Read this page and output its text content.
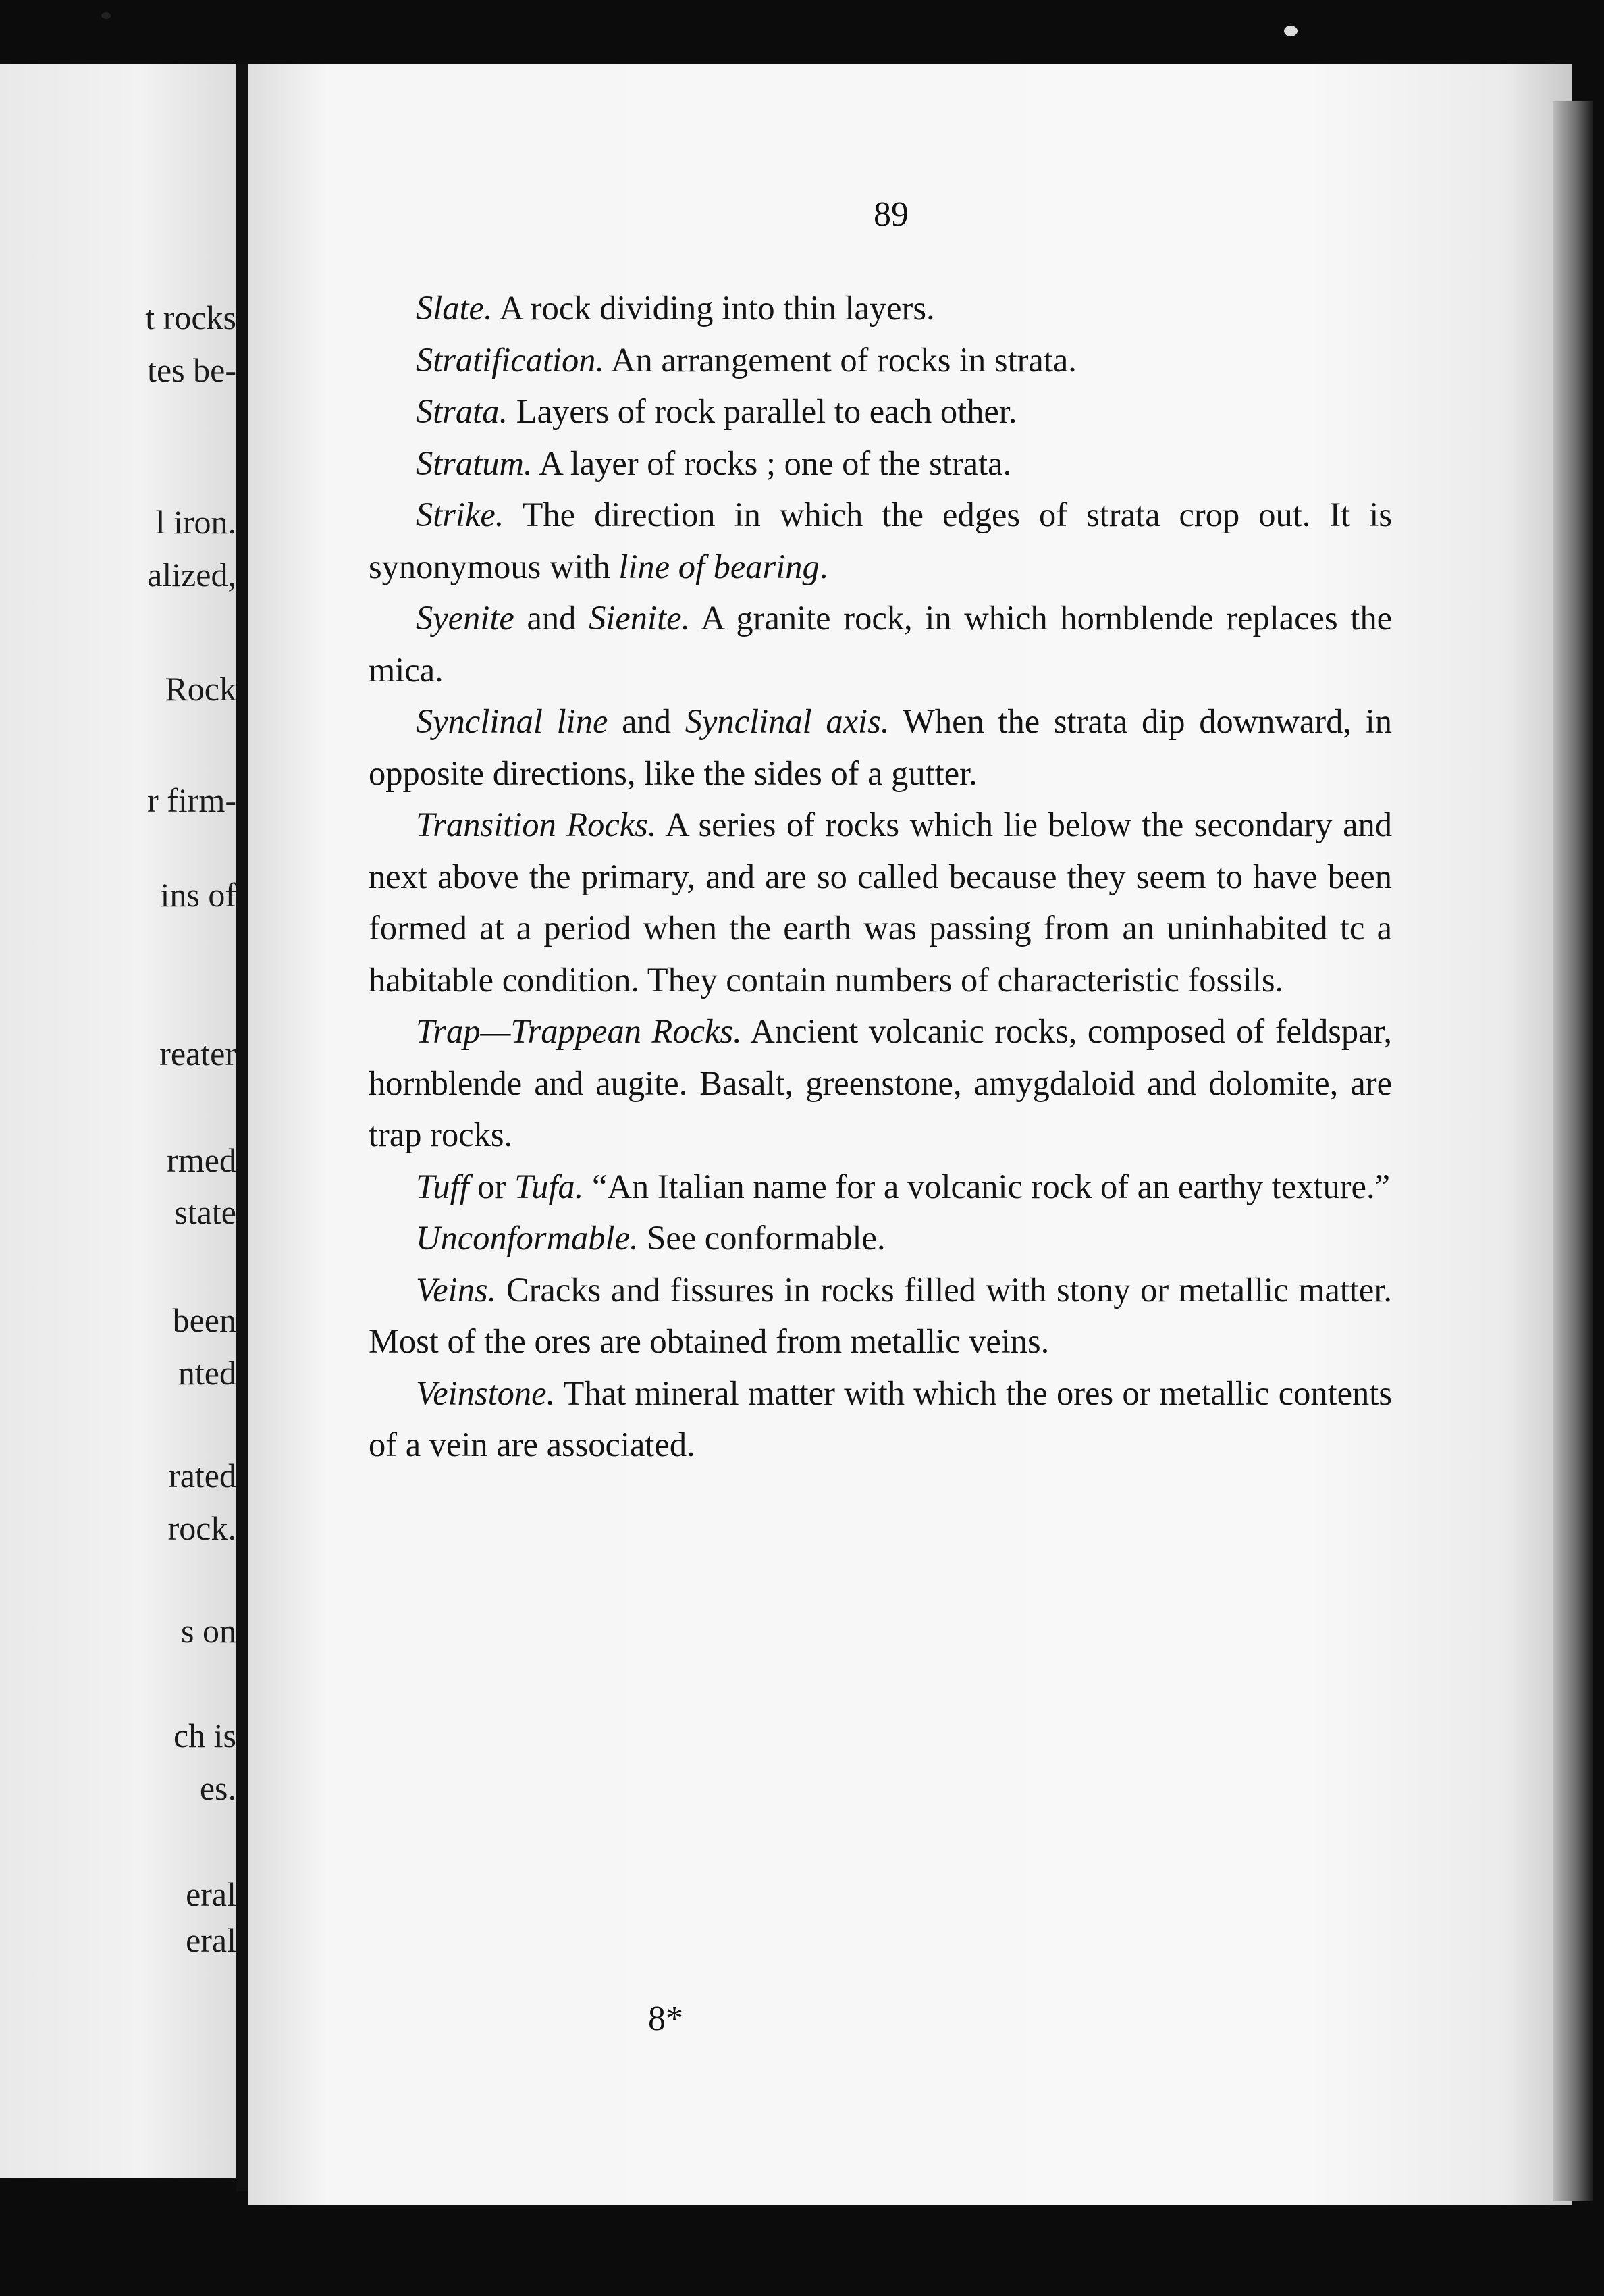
t rocks

tes be-

l iron.

alized,

Rock

r firm-

ins of

reater

rmed

state

been

nted

rated

rock.

s on

ch is

es.

eral

eral

89

Slate. A rock dividing into thin layers.

Stratification. An arrangement of rocks in strata.

Strata. Layers of rock parallel to each other.

Stratum. A layer of rocks ; one of the strata.

Strike. The direction in which the edges of strata crop out. It is synonymous with line of bearing.

Syenite and Sienite. A granite rock, in which hornblende replaces the mica.

Synclinal line and Synclinal axis. When the strata dip downward, in opposite directions, like the sides of a gutter.

Transition Rocks. A series of rocks which lie below the secondary and next above the primary, and are so called because they seem to have been formed at a period when the earth was passing from an uninhabited tc a habitable condition. They contain numbers of characteristic fossils.

Trap—Trappean Rocks. Ancient volcanic rocks, composed of feldspar, hornblende and augite. Basalt, greenstone, amygdaloid and dolomite, are trap rocks.

Tuff or Tufa. “An Italian name for a volcanic rock of an earthy texture.”

Unconformable. See conformable.

Veins. Cracks and fissures in rocks filled with stony or metallic matter. Most of the ores are obtained from metallic veins.

Veinstone. That mineral matter with which the ores or metallic contents of a vein are associated.

8*
